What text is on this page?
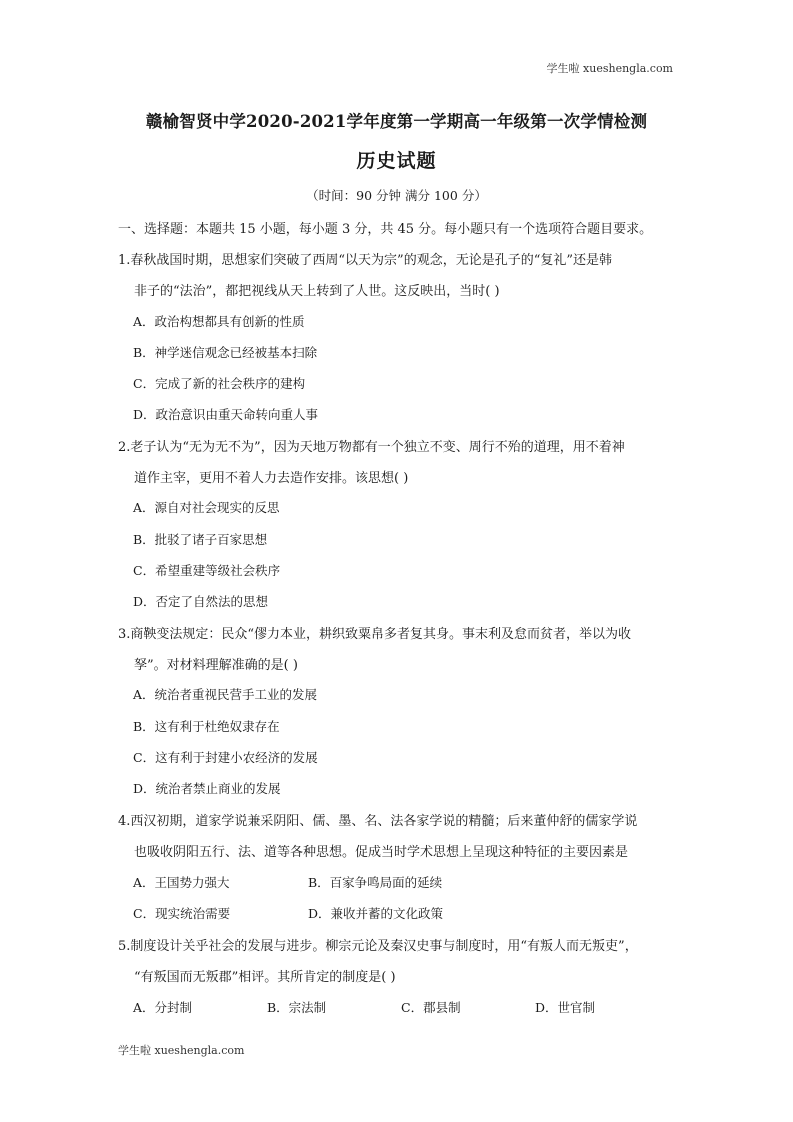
学生啦 xueshengla.com
赣榆智贤中学2020-2021学年度第一学期高一年级第一次学情检测
历史试题
（时间：90 分钟 满分 100 分）
一、选择题：本题共 15 小题，每小题 3 分，共 45 分。每小题只有一个选项符合题目要求。
1.春秋战国时期，思想家们突破了西周“以天为宗”的观念，无论是孔子的“复礼”还是韩
非子的“法治”，都把视线从天上转到了人世。这反映出，当时( )
A．政治构想都具有创新的性质
B．神学迷信观念已经被基本扫除
C．完成了新的社会秩序的建构
D．政治意识由重天命转向重人事
2.老子认为“无为无不为”，因为天地万物都有一个独立不变、周行不殆的道理，用不着神
道作主宰，更用不着人力去造作安排。该思想( )
A．源自对社会现实的反思
B．批驳了诸子百家思想
C．希望重建等级社会秩序
D．否定了自然法的思想
3.商鞅变法规定：民众“僇力本业，耕织致粟帛多者复其身。事末利及怠而贫者，举以为收
孥”。对材料理解准确的是( )
A．统治者重视民营手工业的发展
B．这有利于杜绝奴隶存在
C．这有利于封建小农经济的发展
D．统治者禁止商业的发展
4.西汉初期，道家学说兼采阴阳、儒、墨、名、法各家学说的精髓；后来董仲舒的儒家学说
也吸收阴阳五行、法、道等各种思想。促成当时学术思想上呈现这种特征的主要因素是
A．王国势力强大	B．百家争鸣局面的延续
C．现实统治需要	D．兼收并蓄的文化政策
5.制度设计关乎社会的发展与进步。柳宗元论及秦汉史事与制度时，用“有叛人而无叛吏”，
“有叛国而无叛郡”相评。其所肯定的制度是( )
A．分封制	B．宗法制	C．郡县制	D．世官制
学生啦 xueshengla.com
